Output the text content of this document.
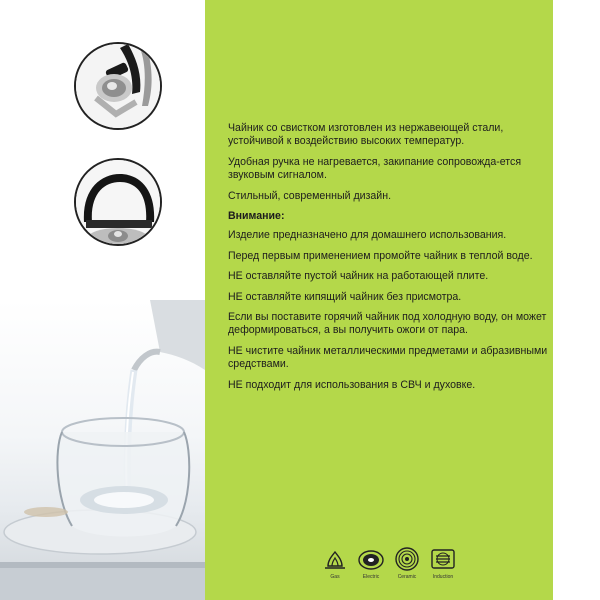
Чайник со свистком изготовлен из нержавеющей стали, устойчивой к воздействию высоких температур.

Удобная ручка не нагревается, закипание сопровожда-ется звуковым сигналом.

Стильный, современный дизайн.

Внимание:

Изделие предназначено для домашнего использования.

Перед первым применением промойте чайник в теплой воде.

НЕ оставляйте пустой чайник на работающей плите.

НЕ оставляйте кипящий чайник без присмотра.

Если вы поставите горячий чайник под холодную воду, он может деформироваться, а вы получить ожоги от пара.

НЕ чистите чайник металлическими предметами и абразивными средствами.

НЕ подходит для использования в СВЧ и духовке.

Gas	Electric	Ceramic	Induction
